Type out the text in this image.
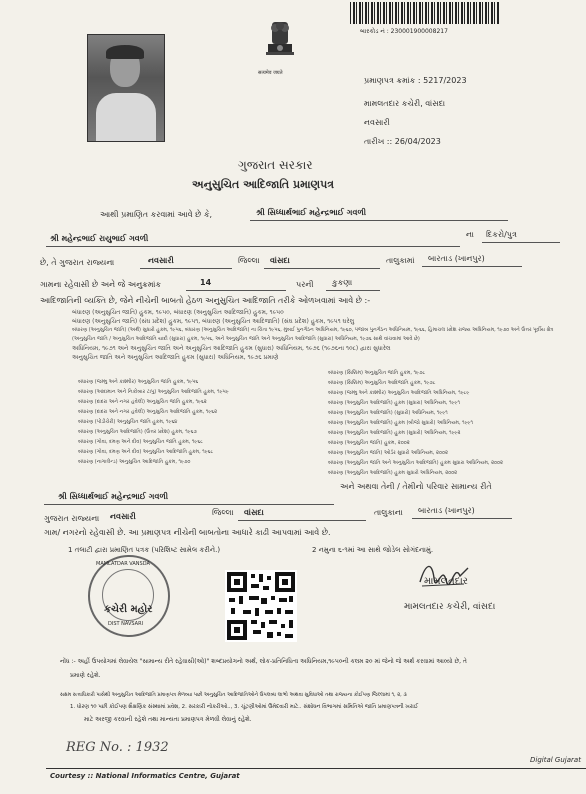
सत्यमेव जयते
બારકોડ નં : 230001900008217
પ્રમાણપત્ર ક્રમાંક : 5217/2023
મામલતદાર કચેરી, વાંસદા
નવસારી
તારીખ :: 26/04/2023
ગુજરાત સરકાર
અનુસુચિત આદિજાતિ પ્રમાણપત્ર
આથી પ્રમાણિત કરવામાં આવે છે કે,	શ્રી સિધ્ધાર્થભાઈ મહેન્દ્રભાઈ ગવળી
શ્રી મહેન્દ્રભાઈ રાયુભાઈ ગવળી	ના દિકરો/પુત્ર
છે, તે ગુજરાત રાજ્યના	નવસારી	જિલ્લા વાંસદા	તાલુકામાં બારતાડ (ખાનપુર)
ગામના રહેવાસી છે અને જે અનુક્રમાંક	14	પરની કુકણા
આદિજાતિની વ્યક્તિ છે, જેને નીચેની બાબતો હેઠળ અનુસુચિત આદિજાતિ તરીકે ઓળખવામાં આવે છે :-
બંધારણ (અનુસુચિત જાતિ) હુકમ, ૧૯૫૦, બંધારણ (અનુસુચિત આદિજાતિ) હુકમ, ૧૯૫૦
બંધારણ (અનુસુચિત જાતિ) (સંઘ પ્રદેશ) હુકમ, ૧૯૫૧, બંધારણ (અનુસુચિત આદિજાતિ) (સંઘ પ્રદેશ) હુકમ, ૧૯૫૧ ઘરેલુ
બંધારણ (અનુસુચિત જાતિ) (અર્થ) સુધારો હુકમ, ૧૯૫૬, બંધારણ (અનુસુચિત આદિજાતિ) ના ચિંતા ૧૯૫૬, મુંબઈ પુનર્ગઠન અધિનિયમ, ૧૯૬૦, પંજાબ પુનર્ગઠન અધિનિયમ, ૧૯૬૬, હિમાચલ પ્રદેશ રાજ્ય અધિનિયમ, ૧૯૭૦ અને ઉત્તર પૂર્વીય ક્ષેત્ર
(અનુસુચિત જાતિ / અનુસુચિત આદિજાતિ યાદી (સુધારા) હુકમ, ૧૯૫૬, અને અનુસુચિત જાતિ અને અનુસુચિત આદિજાતિ (સુધારા) અધિનિયમ, ૧૯૭૬ સાથે વાંચવામાં આવે છે)
અધિનિયમ, ૧૯૭૧ અને અનુસુચિત જાતિ અને અનુસુચિત આદિજાતિ હુકમ (સુધારા) અધિનિયમ, ૧૯૭૬ (૧૯૭૬ના ૧૦૮) દ્વારા સુધારેલ
અનુસુચિત જાતિ અને અનુસુચિત આદિજાતિ હુકમ (સુધારા) અધિનિયમ, ૧૯૭૬ પ્રમાણે
બંધારણ (જમ્મુ અને કાશ્મીર) અનુસુચિત જાતિ હુકમ, ૧૯૫૬
બંધારણ (આંદામાન અને નિકોબાર ટાપુ) અનુસુચિત આદિજાતિ હુકમ, ૧૯૫૯
બંધારણ (દાદરા અને નગર હવેલી) અનુસુચિત જાતિ હુકમ, ૧૯૬૨
બંધારણ (દાદરા અને નગર હવેલી) અનુસુચિત આદિજાતિ હુકમ, ૧૯૬૨
બંધારણ (પોંડીચેરી) અનુસુચિત જાતિ હુકમ, ૧૯૬૪
બંધારણ (અનુસુચિત આદિજાતિ) (ઉત્તર પ્રદેશ) હુકમ, ૧૯૬૭
બંધારણ (ગોવા, દમણ અને દીવ) અનુસુચિત જાતિ હુકમ, ૧૯૬૮
બંધારણ (ગોવા, દમણ અને દીવ) અનુસુચિત આદિજાતિ હુકમ, ૧૯૬૮
બંધારણ (નાગાલેન્ડ) અનુસુચિત આદિજાતિ હુકમ, ૧૯૭૦
બંધારણ (સિક્કિમ) અનુસુચિત જાતિ હુકમ, ૧૯૭૮
બંધારણ (સિક્કિમ) અનુસુચિત આદિજાતિ હુકમ, ૧૯૭૮
બંધારણ (જમ્મુ અને કાશ્મીર) અનુસુચિત આદિજાતિ અધિનિયમ, ૧૯૮૯
બંધારણ (અનુસુચિત આદિજાતિ) હુકમ (સુધારા) અધિનિયમ, ૧૯૯૧
બંધારણ (અનુસુચિત આદિજાતિ) (સુધારો) અધિનિયમ, ૧૯૯૧
બંધારણ (અનુસુચિત આદિજાતિ) હુકમ (બીજો સુધારો) અધિનિયમ, ૧૯૯૧
બંધારણ (અનુસુચિત આદિજાતિ) હુકમ (સુધારો) અધિનિયમ, ૧૯૯૨
બંધારણ (અનુસુચિત જાતિ) હુકમ, ૨૦૦૨
બંધારણ (અનુસુચિત જાતિ) ઓર્ડર સુધારો અધિનિયમ, ૨૦૦૨
બંધારણ (અનુસુચિત જાતિ અને અનુસુચિત આદિજાતિ) હુકમ સુધારા અધિનિયમ, ૨૦૦૨
બંધારણ (અનુસુચિત આદિજાતિ) હુકમ સુધારો અધિનિયમ, ૨૦૦૨
શ્રી સિધ્ધાર્થભાઈ મહેન્દ્રભાઈ ગવળી
અને અથવા તેની / તેમીનો પરિવાર સામાન્ય રીતે
ગુજરાત રાજ્યના નવસારી	જિલ્લા વાંસદા	તાલુકાના બારતાડ (ખાનપુર)
ગામ/ નગરનો રહેવાસી છે. આ પ્રમાણપત્ર નીચેની બાબતોના આધારે કાઢી આપવામાં આવે છે.
1 તલાટી દ્વારા પ્રમાણિત પત્રક (પરિશિષ્ટ સામેલ કરીને.)	2 નમુના ૬-૧માં આ સાથે જોડેલ સોગંદનામું.
MAMLATDAR VANSDA
DIST NAVSARI
કચેરી મહોર
મામલતદાર
મામલતદાર કચેરી, વાંસદા
નોંધ :- અહીં ઉપયોગમાં લેવાયેલ "સામાન્ય રીતે રહેવાસી(ઓ)" શબ્દપ્રયોગનો અર્થ, લોક-પ્રતિનિધિત્વ અધિનિયમ,૧૯૫૦ની કલમ ૨૦ માં જેનો જે અર્થ કરવામાં આવ્યો છે, તે
પ્રમાણે રહેશે.
સક્ષમ સત્તાધિકારી પાસેથી અનુસુચિત આદિજાતિ પ્રમાણપત્ર મેળવ્યા પછી અનુસુચિત આદિજાતિઓને ઉપલબ્ધ લાભો અથવા સુવિધાઓ તથા રાજ્યના કોઈપણ જિલ્લામાં ૧, ૨, ૩
1. ધોરણ ૧૦ પછી કોઈપણ શૈક્ષણિક સંસ્થામાં પ્રવેશ, 2. સરકારી નોકરીઓ.., 3. ચૂંટણીઓમાં ઉમેદવારી માટે.. સંશોધન વિભાગમાં સમિતિએ જાતિ પ્રમાણપત્રની ખરાઈ
માટે અરજી કરવાની રહેશે તથા માન્યતા પ્રમાણપત્ર મેળવી લેવાનું રહેશે.
REG No. : 1932
Courtesy :: National Informatics Centre, Gujarat
Digital Gujarat
